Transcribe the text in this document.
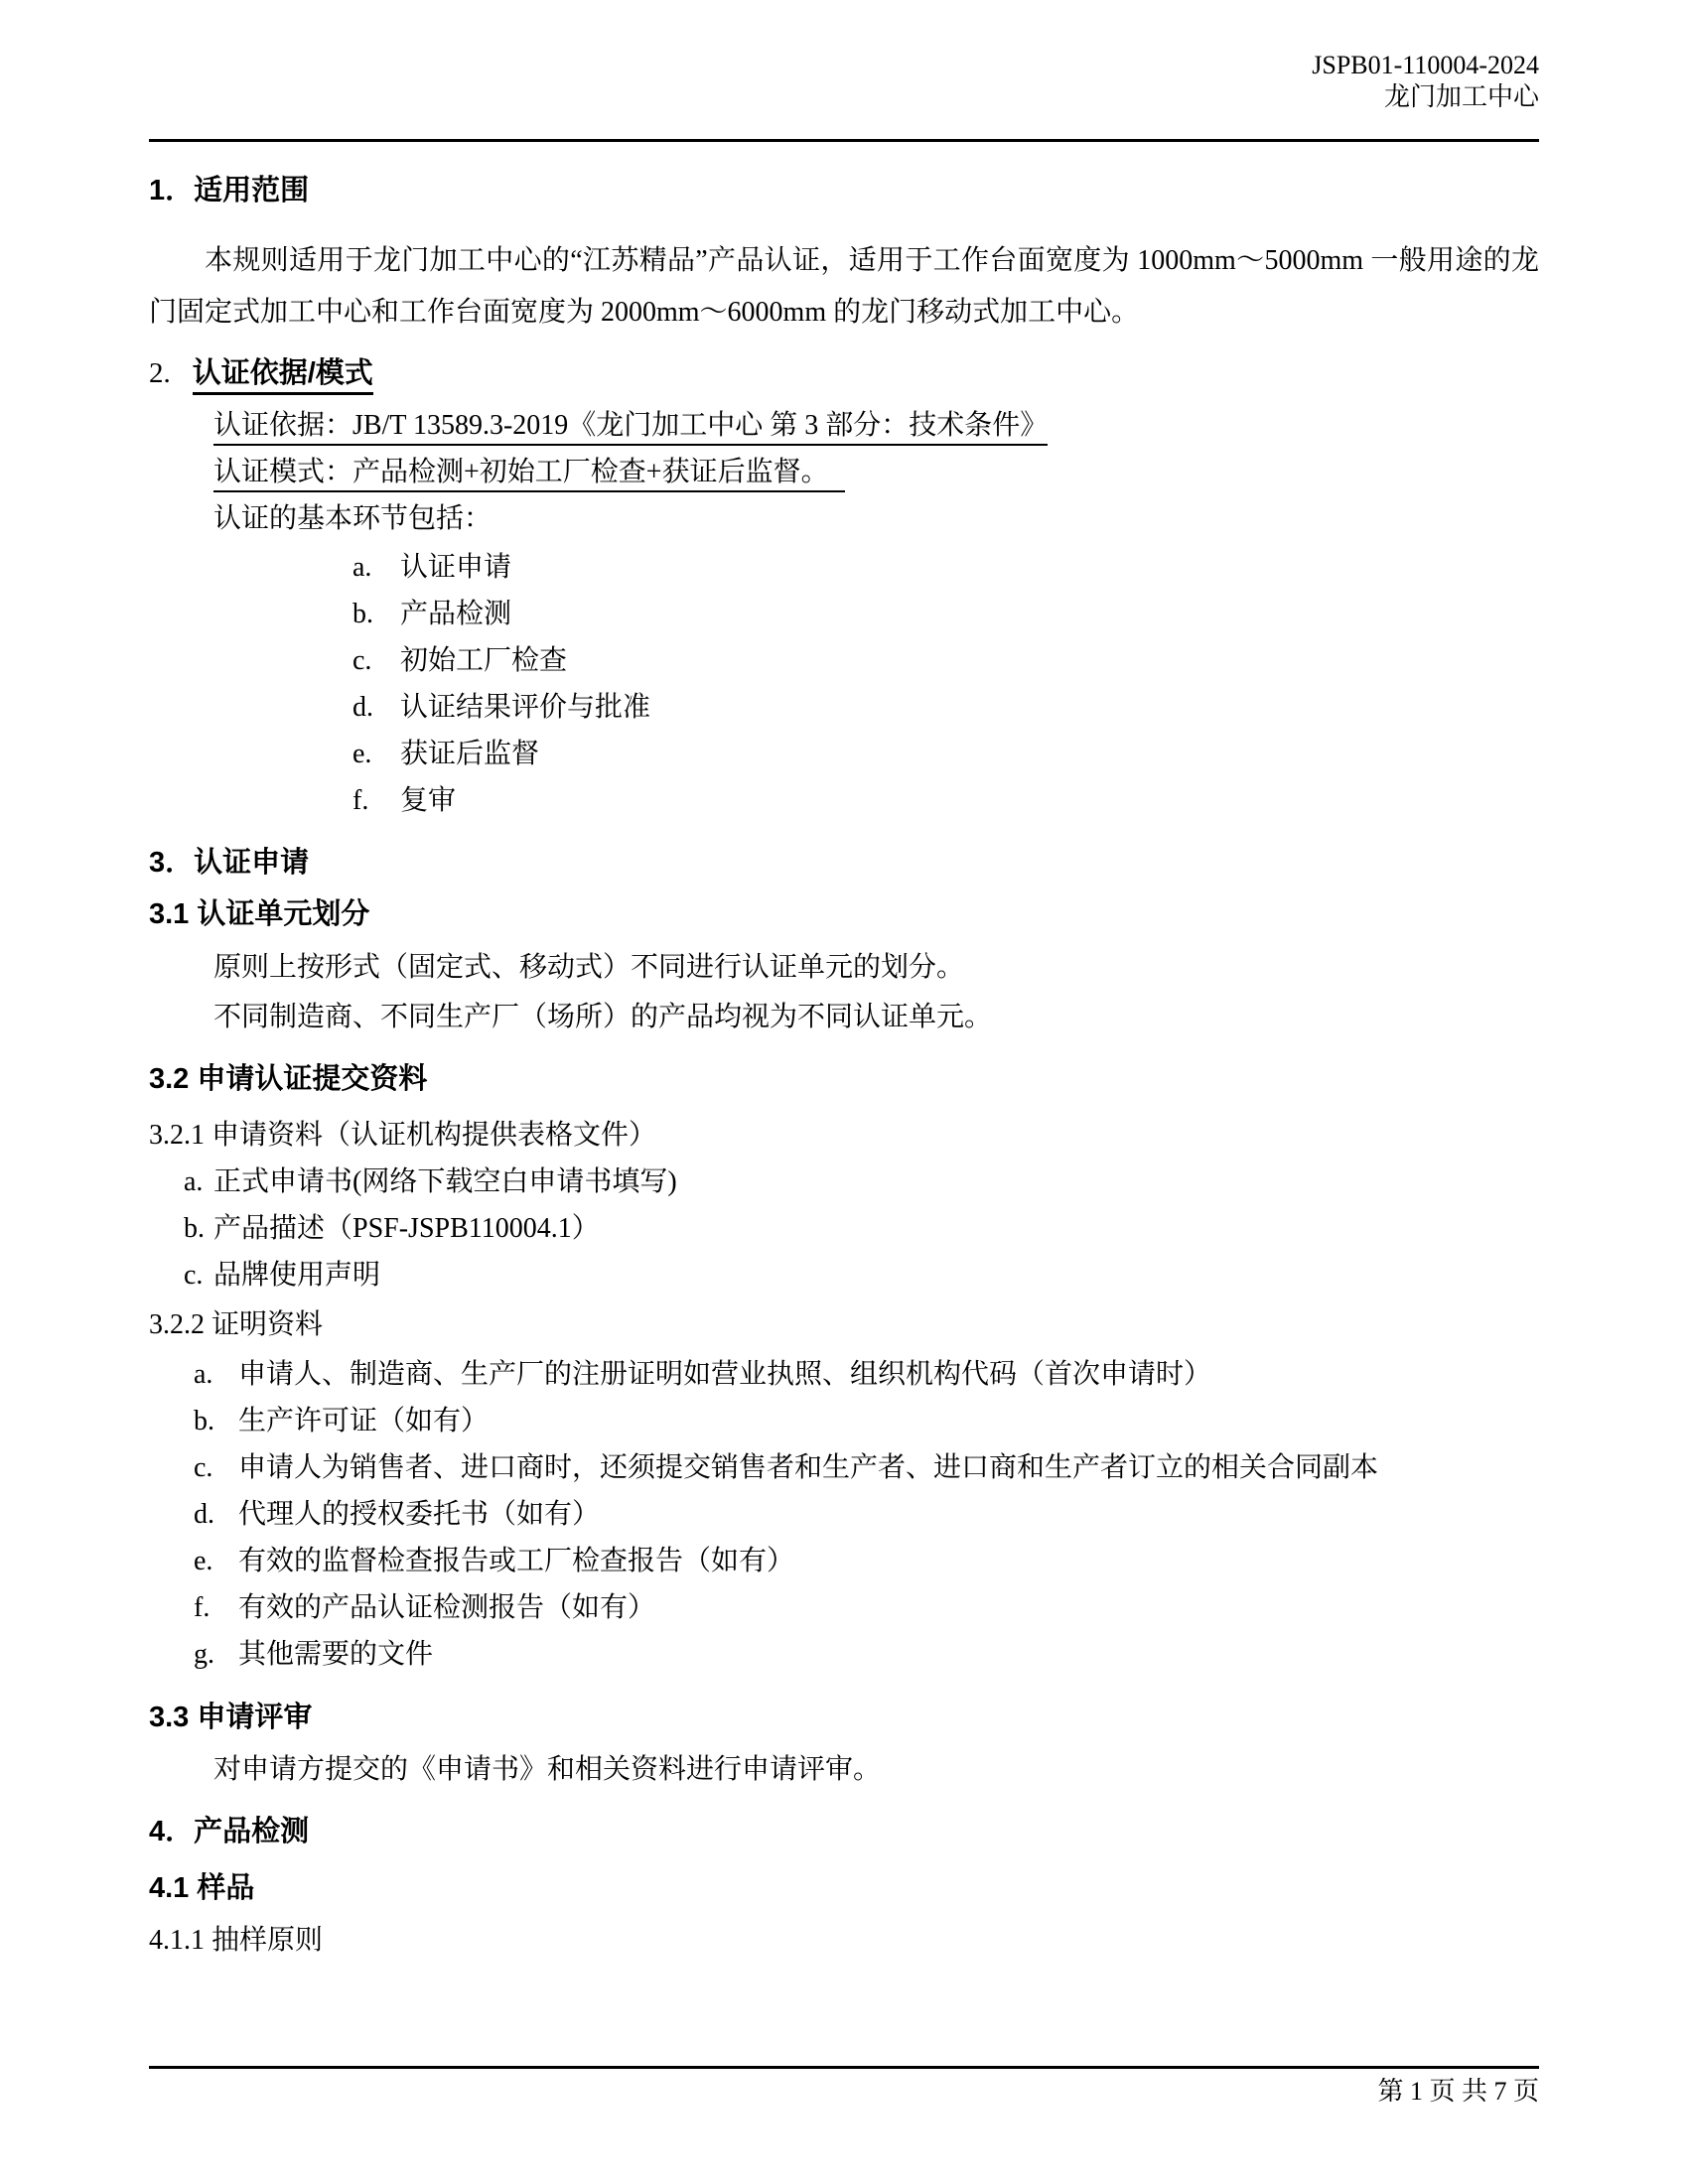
JSPB01-110004-2024
龙门加工中心
1．适用范围
本规则适用于龙门加工中心的“江苏精品”产品认证，适用于工作台面宽度为 1000mm～5000mm 一般用途的龙门固定式加工中心和工作台面宽度为 2000mm～6000mm 的龙门移动式加工中心。
2. 认证依据/模式
认证依据：JB/T 13589.3-2019《龙门加工中心 第 3 部分：技术条件》
认证模式：产品检测+初始工厂检查+获证后监督。
认证的基本环节包括：
a. 认证申请
b. 产品检测
c. 初始工厂检查
d. 认证结果评价与批准
e. 获证后监督
f. 复审
3．认证申请
3.1 认证单元划分
原则上按形式（固定式、移动式）不同进行认证单元的划分。
不同制造商、不同生产厂（场所）的产品均视为不同认证单元。
3.2 申请认证提交资料
3.2.1 申请资料（认证机构提供表格文件）
a. 正式申请书(网络下载空白申请书填写)
b. 产品描述（PSF-JSPB110004.1）
c. 品牌使用声明
3.2.2 证明资料
a. 申请人、制造商、生产厂的注册证明如营业执照、组织机构代码（首次申请时）
b. 生产许可证（如有）
c. 申请人为销售者、进口商时，还须提交销售者和生产者、进口商和生产者订立的相关合同副本
d. 代理人的授权委托书（如有）
e. 有效的监督检查报告或工厂检查报告（如有）
f. 有效的产品认证检测报告（如有）
g. 其他需要的文件
3.3 申请评审
对申请方提交的《申请书》和相关资料进行申请评审。
4．产品检测
4.1 样品
4.1.1 抽样原则
第 1 页 共 7 页
